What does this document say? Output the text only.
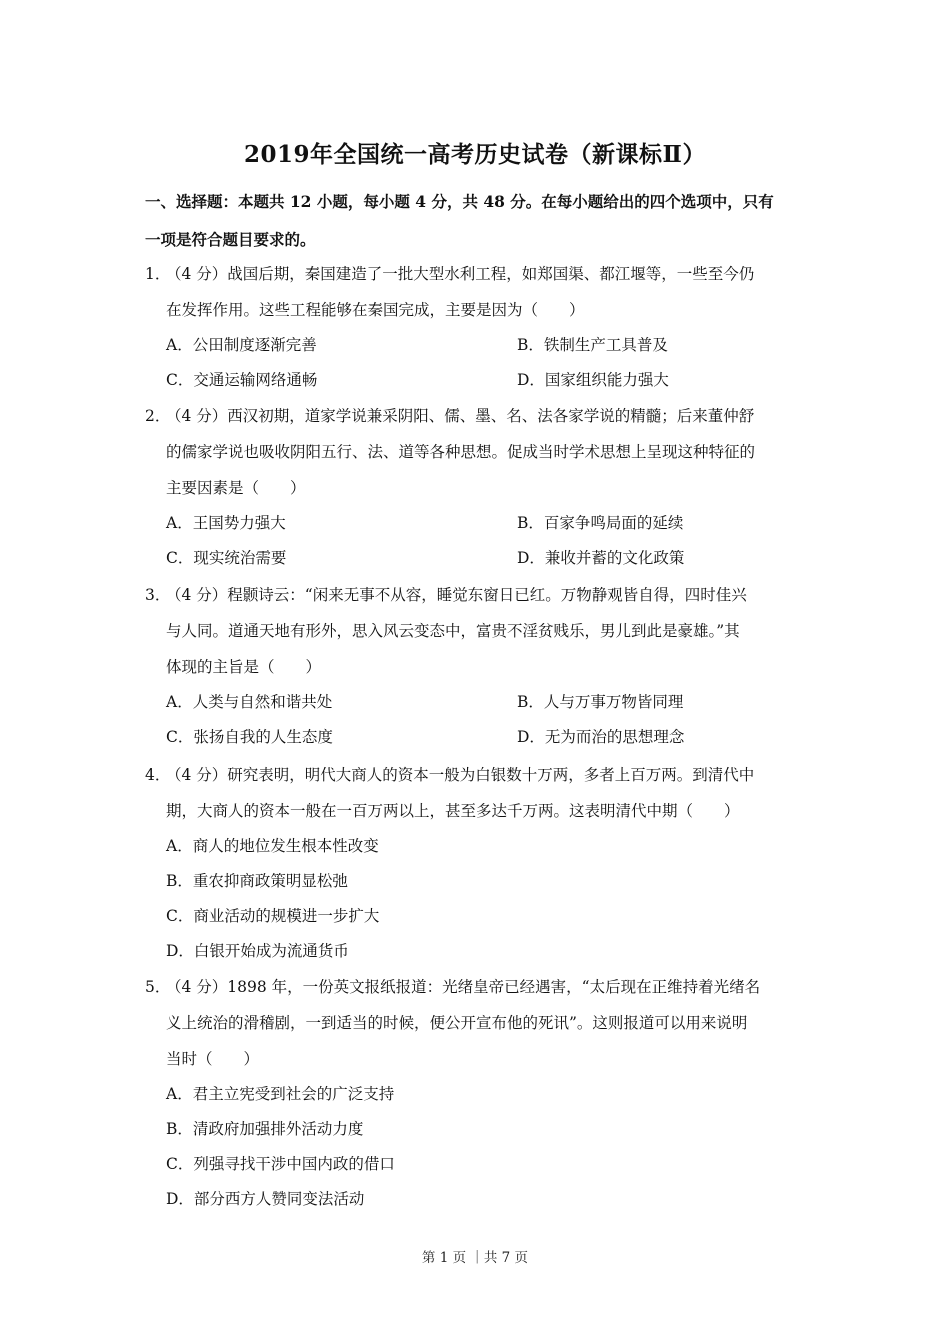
2019年全国统一高考历史试卷（新课标Ⅱ）
一、选择题：本题共 12 小题，每小题 4 分，共 48 分。在每小题给出的四个选项中，只有
一项是符合题目要求的。
1．（4 分）战国后期，秦国建造了一批大型水利工程，如郑国渠、都江堰等，一些至今仍
在发挥作用。这些工程能够在秦国完成，主要是因为（　　）
A．公田制度逐渐完善	B．铁制生产工具普及
C．交通运输网络通畅	D．国家组织能力强大
2．（4 分）西汉初期，道家学说兼采阴阳、儒、墨、名、法各家学说的精髓；后来董仲舒
的儒家学说也吸收阴阳五行、法、道等各种思想。促成当时学术思想上呈现这种特征的
主要因素是（　　）
A．王国势力强大	B．百家争鸣局面的延续
C．现实统治需要	D．兼收并蓄的文化政策
3．（4 分）程颢诗云：“闲来无事不从容，睡觉东窗日已红。万物静观皆自得，四时佳兴
与人同。道通天地有形外，思入风云变态中，富贵不淫贫贱乐，男儿到此是豪雄。”其
体现的主旨是（　　）
A．人类与自然和谐共处	B．人与万事万物皆同理
C．张扬自我的人生态度	D．无为而治的思想理念
4．（4 分）研究表明，明代大商人的资本一般为白银数十万两，多者上百万两。到清代中
期，大商人的资本一般在一百万两以上，甚至多达千万两。这表明清代中期（　　）
A．商人的地位发生根本性改变
B．重农抑商政策明显松弛
C．商业活动的规模进一步扩大
D．白银开始成为流通货币
5．（4 分）1898 年，一份英文报纸报道：光绪皇帝已经遇害，“太后现在正维持着光绪名
义上统治的滑稽剧，一到适当的时候，便公开宣布他的死讯”。这则报道可以用来说明
当时（　　）
A．君主立宪受到社会的广泛支持
B．清政府加强排外活动力度
C．列强寻找干涉中国内政的借口
D．部分西方人赞同变法活动
第 1 页 ｜共 7 页
